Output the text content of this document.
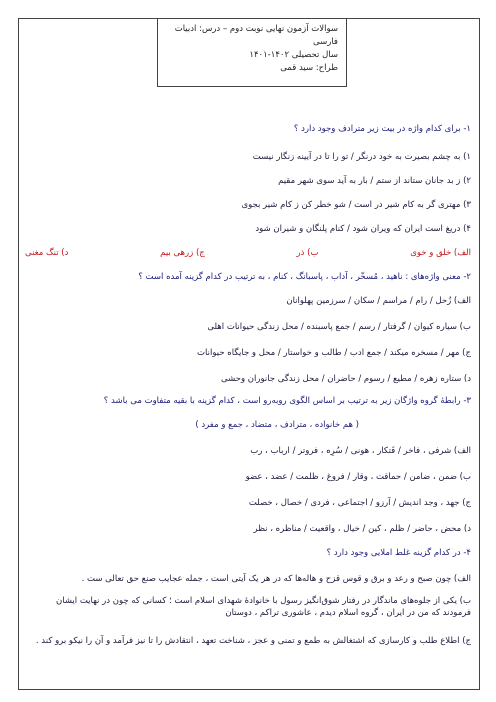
سوالات آزمون نهایی نوبت دوم – درس: ادبیات فارسی
سال تحصیلی ۱۴۰۲-۱۴۰۱
طراح: سید قمی
۱- برای کدام واژه در بیت زیر مترادف وجود دارد ؟
۱) به چشم بصیرت به خود درنگر / تو را تا در آیینه زنگار نیست
۲) ز بد جانان ستاند از ستم / بار به آید سوی شهر مقیم
۳) مهتری گر به کام شیر در است / شو خطر کن ز کام شیر بجوی
۴) دریغ است ایران که ویران شود / کنام پلنگان و شیران شود
الف) خلق و خوی
ب) ذر
ج) زرهی بیم
د) تنگ مغنی
۲- معنی واژه‌های : ناهید ، مُسخّر ، آداب ، پاسبانگ ، کنام ، به ترتیب در کدام گزینه آمده است ؟
الف) زُحل / رام / مراسم / سکان / سرزمین پهلوانان
ب) سیاره کیوان / گرفتار / رسم / جمع پاسبنده / محل زندگی حیوانات اهلی
ج) مهر / مسخره میکند / جمع ادب / طالب و خواستار / محل و جایگاه حیوانات
د) ستاره زهره / مطیع / رسوم / حاضران / محل زندگی جانوران وحشی
۳- رابطهٔ گروه واژگان زیر به ترتیب بر اساس الگوی روبه‌رو است ، کدام گزینه با بقیه متفاوت می باشد ؟
( هم خانواده ، مترادف ، متضاد ، جمع و مفرد )
الف) شرفی ، فاخر / فَتکار ، هونی / سُرِه ، فروتر / ارباب ، رب
ب) ضمن ، ضامن / حماقت ، وقار / فروغ ، ظلمت / عضد ، عضو
ج) جهد ، وجد اندیش / آرزو / اجتماعی ، فردی / خصال ، خصلت
د) محض ، حاضر / ظلم ، کین / خیال ، واقعیت / مناظره ، نظر
۴- در کدام گزینه غلط املایی وجود دارد ؟
الف) چون صبح و رعد و برق و قوس قزح و هاله‌ها که در هر یک آیتی است ، جمله عجایب صنع حق تعالی ست .
ب) یکی از جلوه‌های ماندگار در رفتار شوق‌انگیز رسول با خانوادهٔ شهدای اسلام است ؛ کسانی که چون در نهایت ایشان فرمودند که من در ایران ، گروه اسلام دیدم ، عاشوری تراکم ، دوستان
ج) اطلاع طلب و کارسازی که اشتغالش به طمع و تمنی و عجز ، شناخت تعهد ، انتقادش را تا نیز فرآمد و آن را نیکو برو کند .
